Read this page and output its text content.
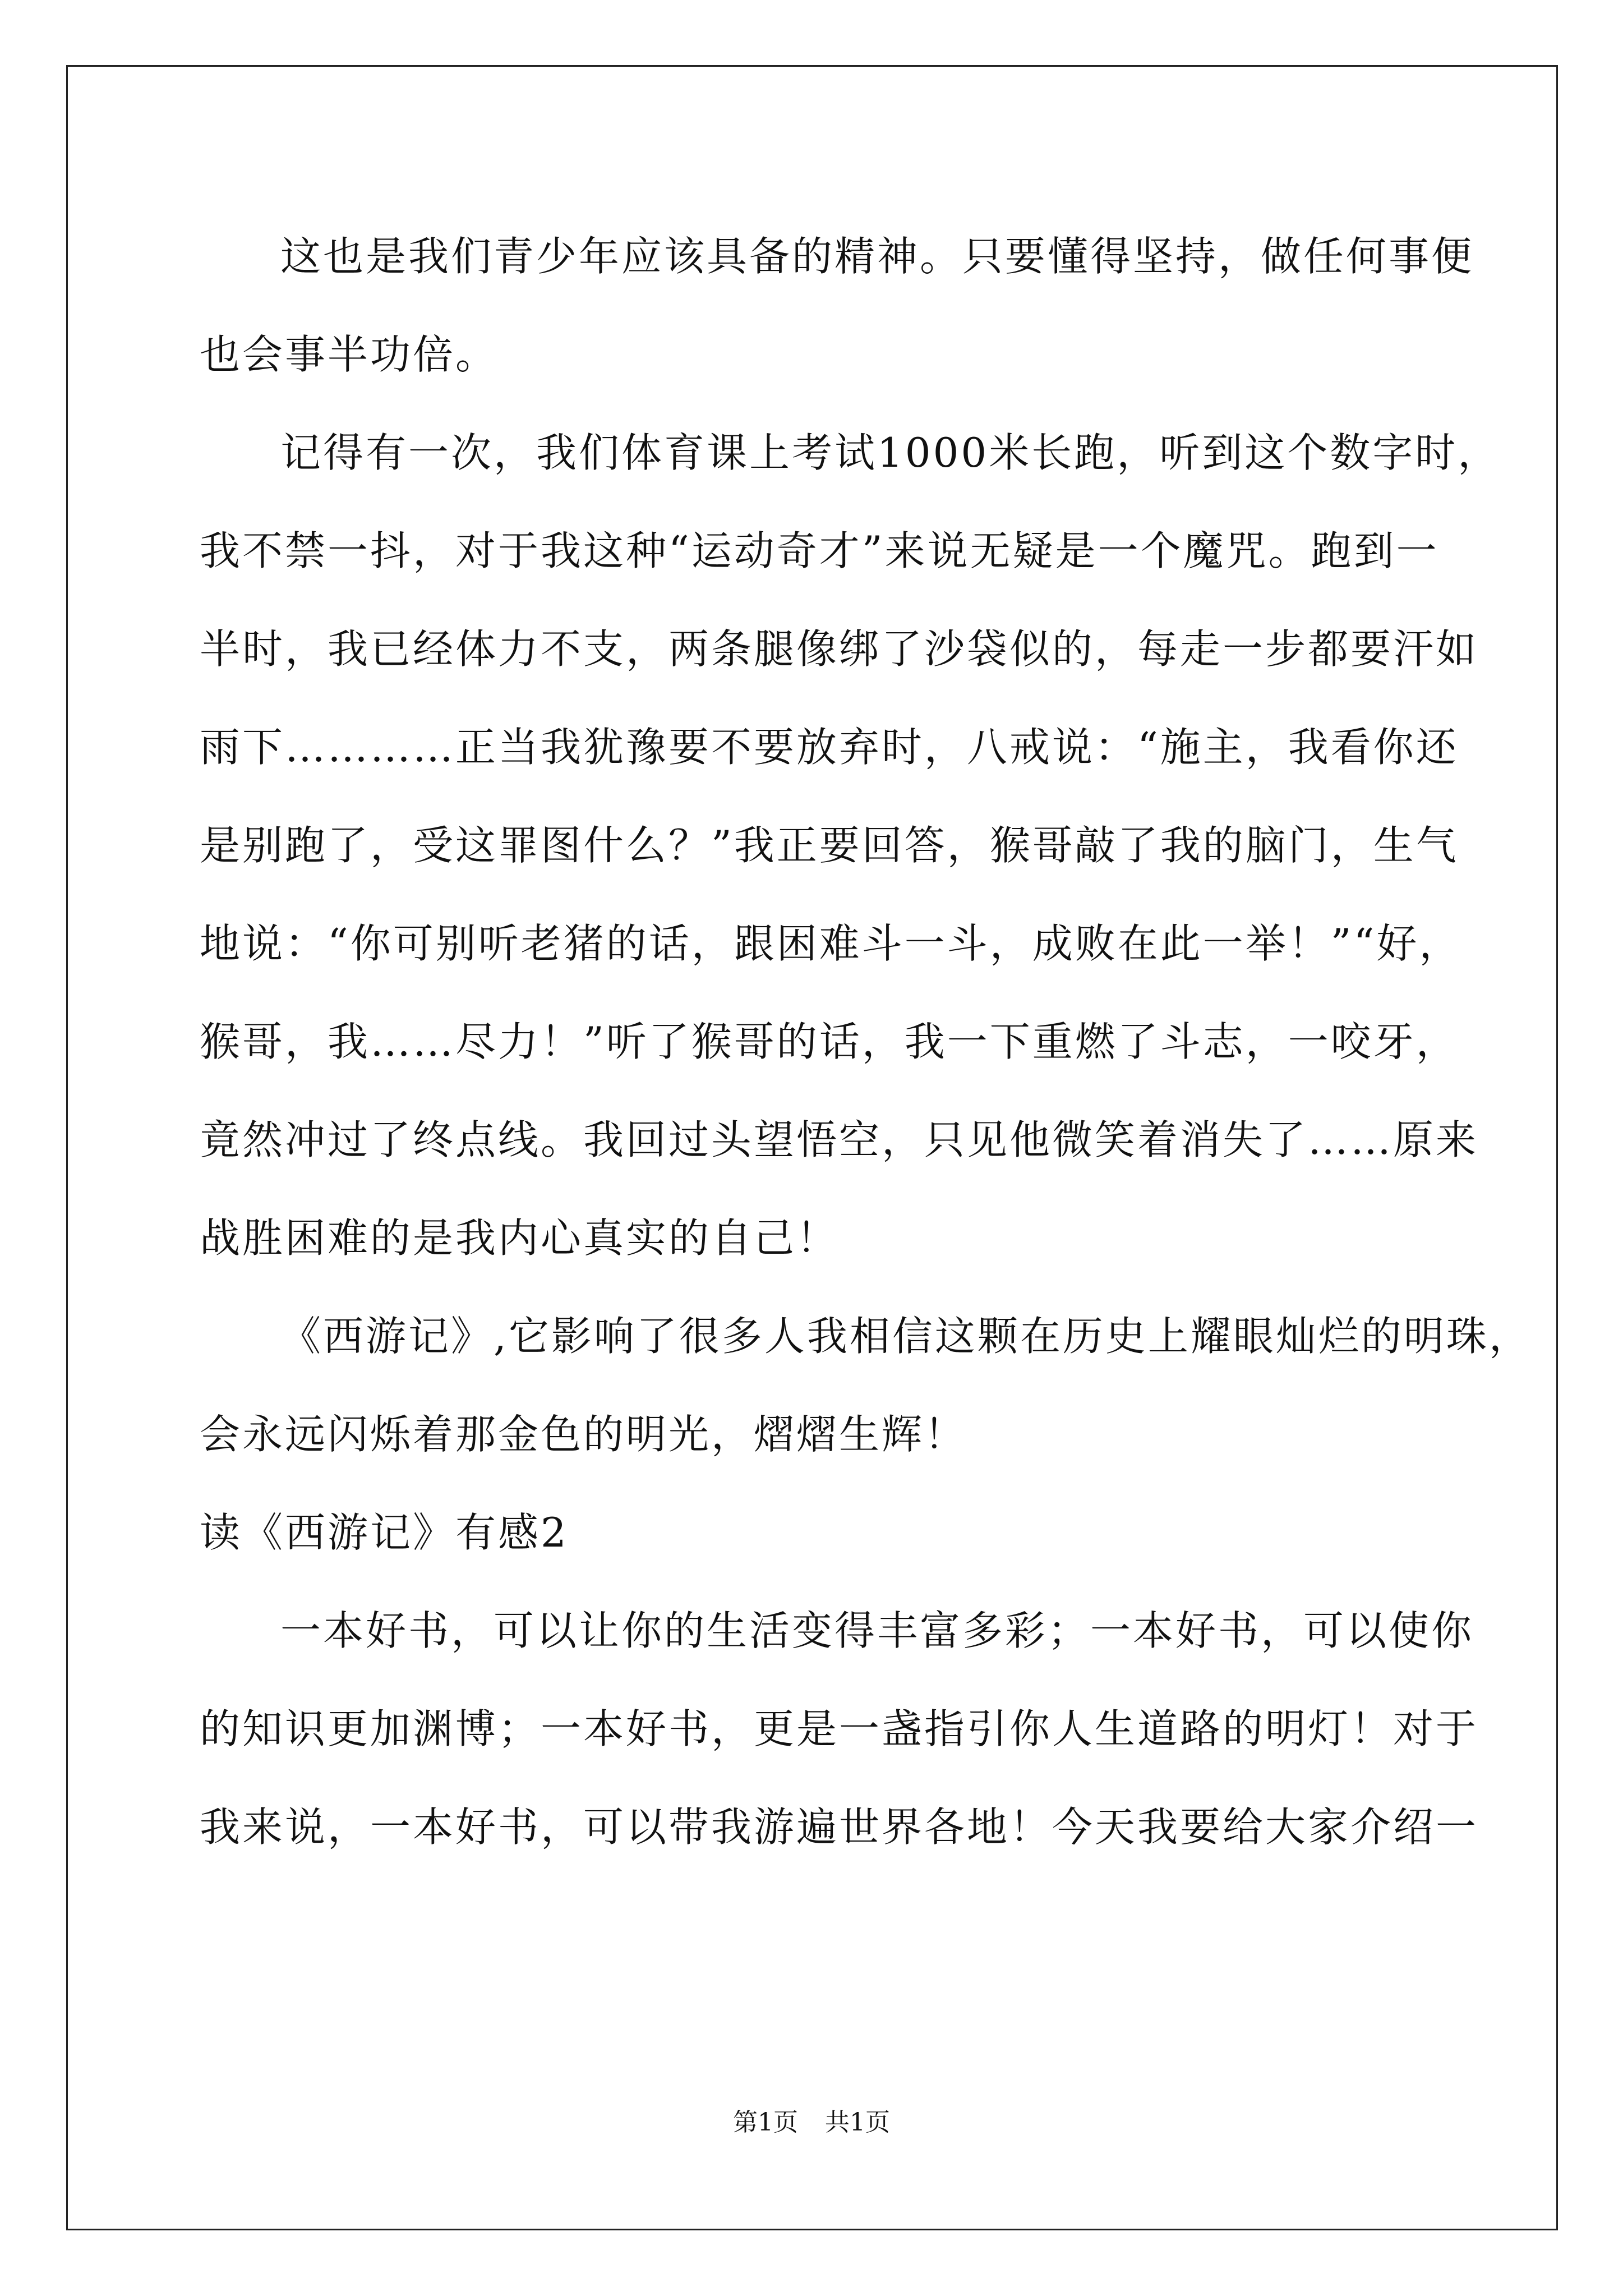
这也是我们青少年应该具备的精神。只要懂得坚持，做任何事便
也会事半功倍。
记得有一次，我们体育课上考试1000米长跑，听到这个数字时，
我不禁一抖，对于我这种“运动奇才”来说无疑是一个魔咒。跑到一
半时，我已经体力不支，两条腿像绑了沙袋似的，每走一步都要汗如
雨下…………正当我犹豫要不要放弃时，八戒说：“施主，我看你还
是别跑了，受这罪图什么？”我正要回答，猴哥敲了我的脑门，生气
地说：“你可别听老猪的话，跟困难斗一斗，成败在此一举！”“好，
猴哥，我……尽力！”听了猴哥的话，我一下重燃了斗志，一咬牙，
竟然冲过了终点线。我回过头望悟空，只见他微笑着消失了……原来
战胜困难的是我内心真实的自己！
《西游记》,它影响了很多人我相信这颗在历史上耀眼灿烂的明珠，
会永远闪烁着那金色的明光，熠熠生辉！
读《西游记》有感2
一本好书，可以让你的生活变得丰富多彩；一本好书，可以使你
的知识更加渊博；一本好书，更是一盏指引你人生道路的明灯！对于
我来说，一本好书，可以带我游遍世界各地！今天我要给大家介绍一
第1页 共1页
